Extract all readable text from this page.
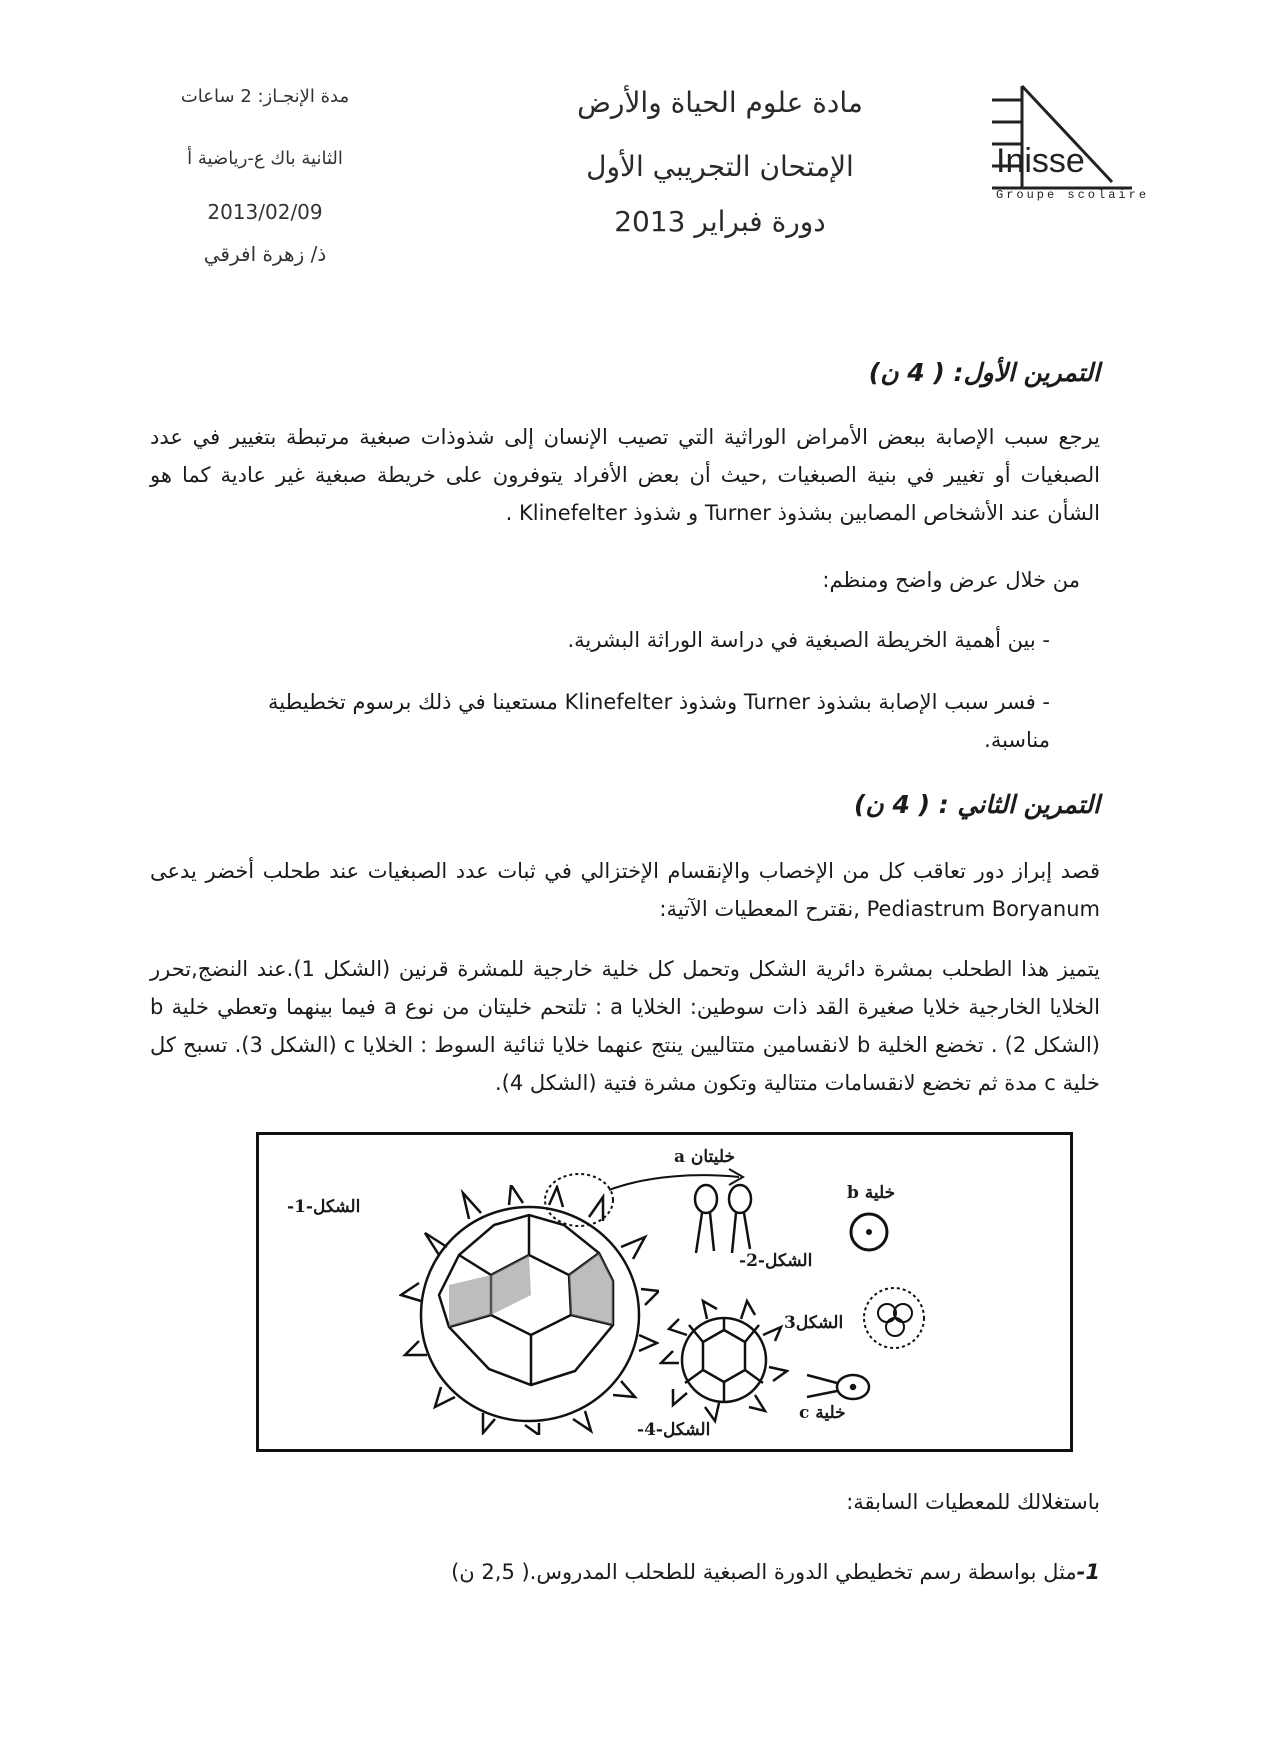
Inisse
Groupe scolaire
مادة علوم الحياة والأرض
الإمتحان التجريبي الأول
دورة فبراير 2013
مدة الإنجـاز: 2 ساعات
الثانية باك ع-رياضية أ
2013/02/09
ذ/ زهرة افرقي
التمرين الأول: ( 4 ن)
يرجع سبب الإصابة ببعض الأمراض الوراثية التي تصيب الإنسان إلى شذوذات صبغية مرتبطة بتغيير في عدد الصبغيات أو تغيير في بنية الصبغيات ,حيث أن بعض الأفراد يتوفرون على خريطة صبغية غير عادية كما هو الشأن عند الأشخاص المصابين بشذوذ Turner و شذوذ Klinefelter .
من خلال عرض واضح ومنظم:
- بين أهمية الخريطة الصبغية في دراسة الوراثة البشرية.
- فسر سبب الإصابة بشذوذ Turner وشذوذ Klinefelter مستعينا في ذلك برسوم تخطيطية
مناسبة.
التمرين الثاني : ( 4 ن)
قصد إبراز دور تعاقب كل من الإخصاب والإنقسام الإختزالي في ثبات عدد الصبغيات عند طحلب أخضر يدعى Pediastrum Boryanum ,نقترح المعطيات الآتية:
يتميز هذا الطحلب بمشرة دائرية الشكل وتحمل كل خلية خارجية للمشرة قرنين (الشكل 1).عند النضج,تحرر الخلايا الخارجية خلايا صغيرة القد ذات سوطين: الخلايا a : تلتحم خليتان من نوع a فيما بينهما وتعطي خلية b (الشكل 2) . تخضع الخلية b لانقسامين متتاليين ينتج عنهما خلايا ثنائية السوط : الخلايا c (الشكل 3). تسبح كل خلية c مدة ثم تخضع لانقسامات متتالية وتكون مشرة فتية (الشكل 4).
الشكل-1-
خليتان a
خلية b
الشكل-2-
الشكل3
خلية c
الشكل-4-
باستغلالك للمعطيات السابقة:
1-مثل بواسطة رسم تخطيطي الدورة الصبغية للطحلب المدروس.( 2,5 ن)
